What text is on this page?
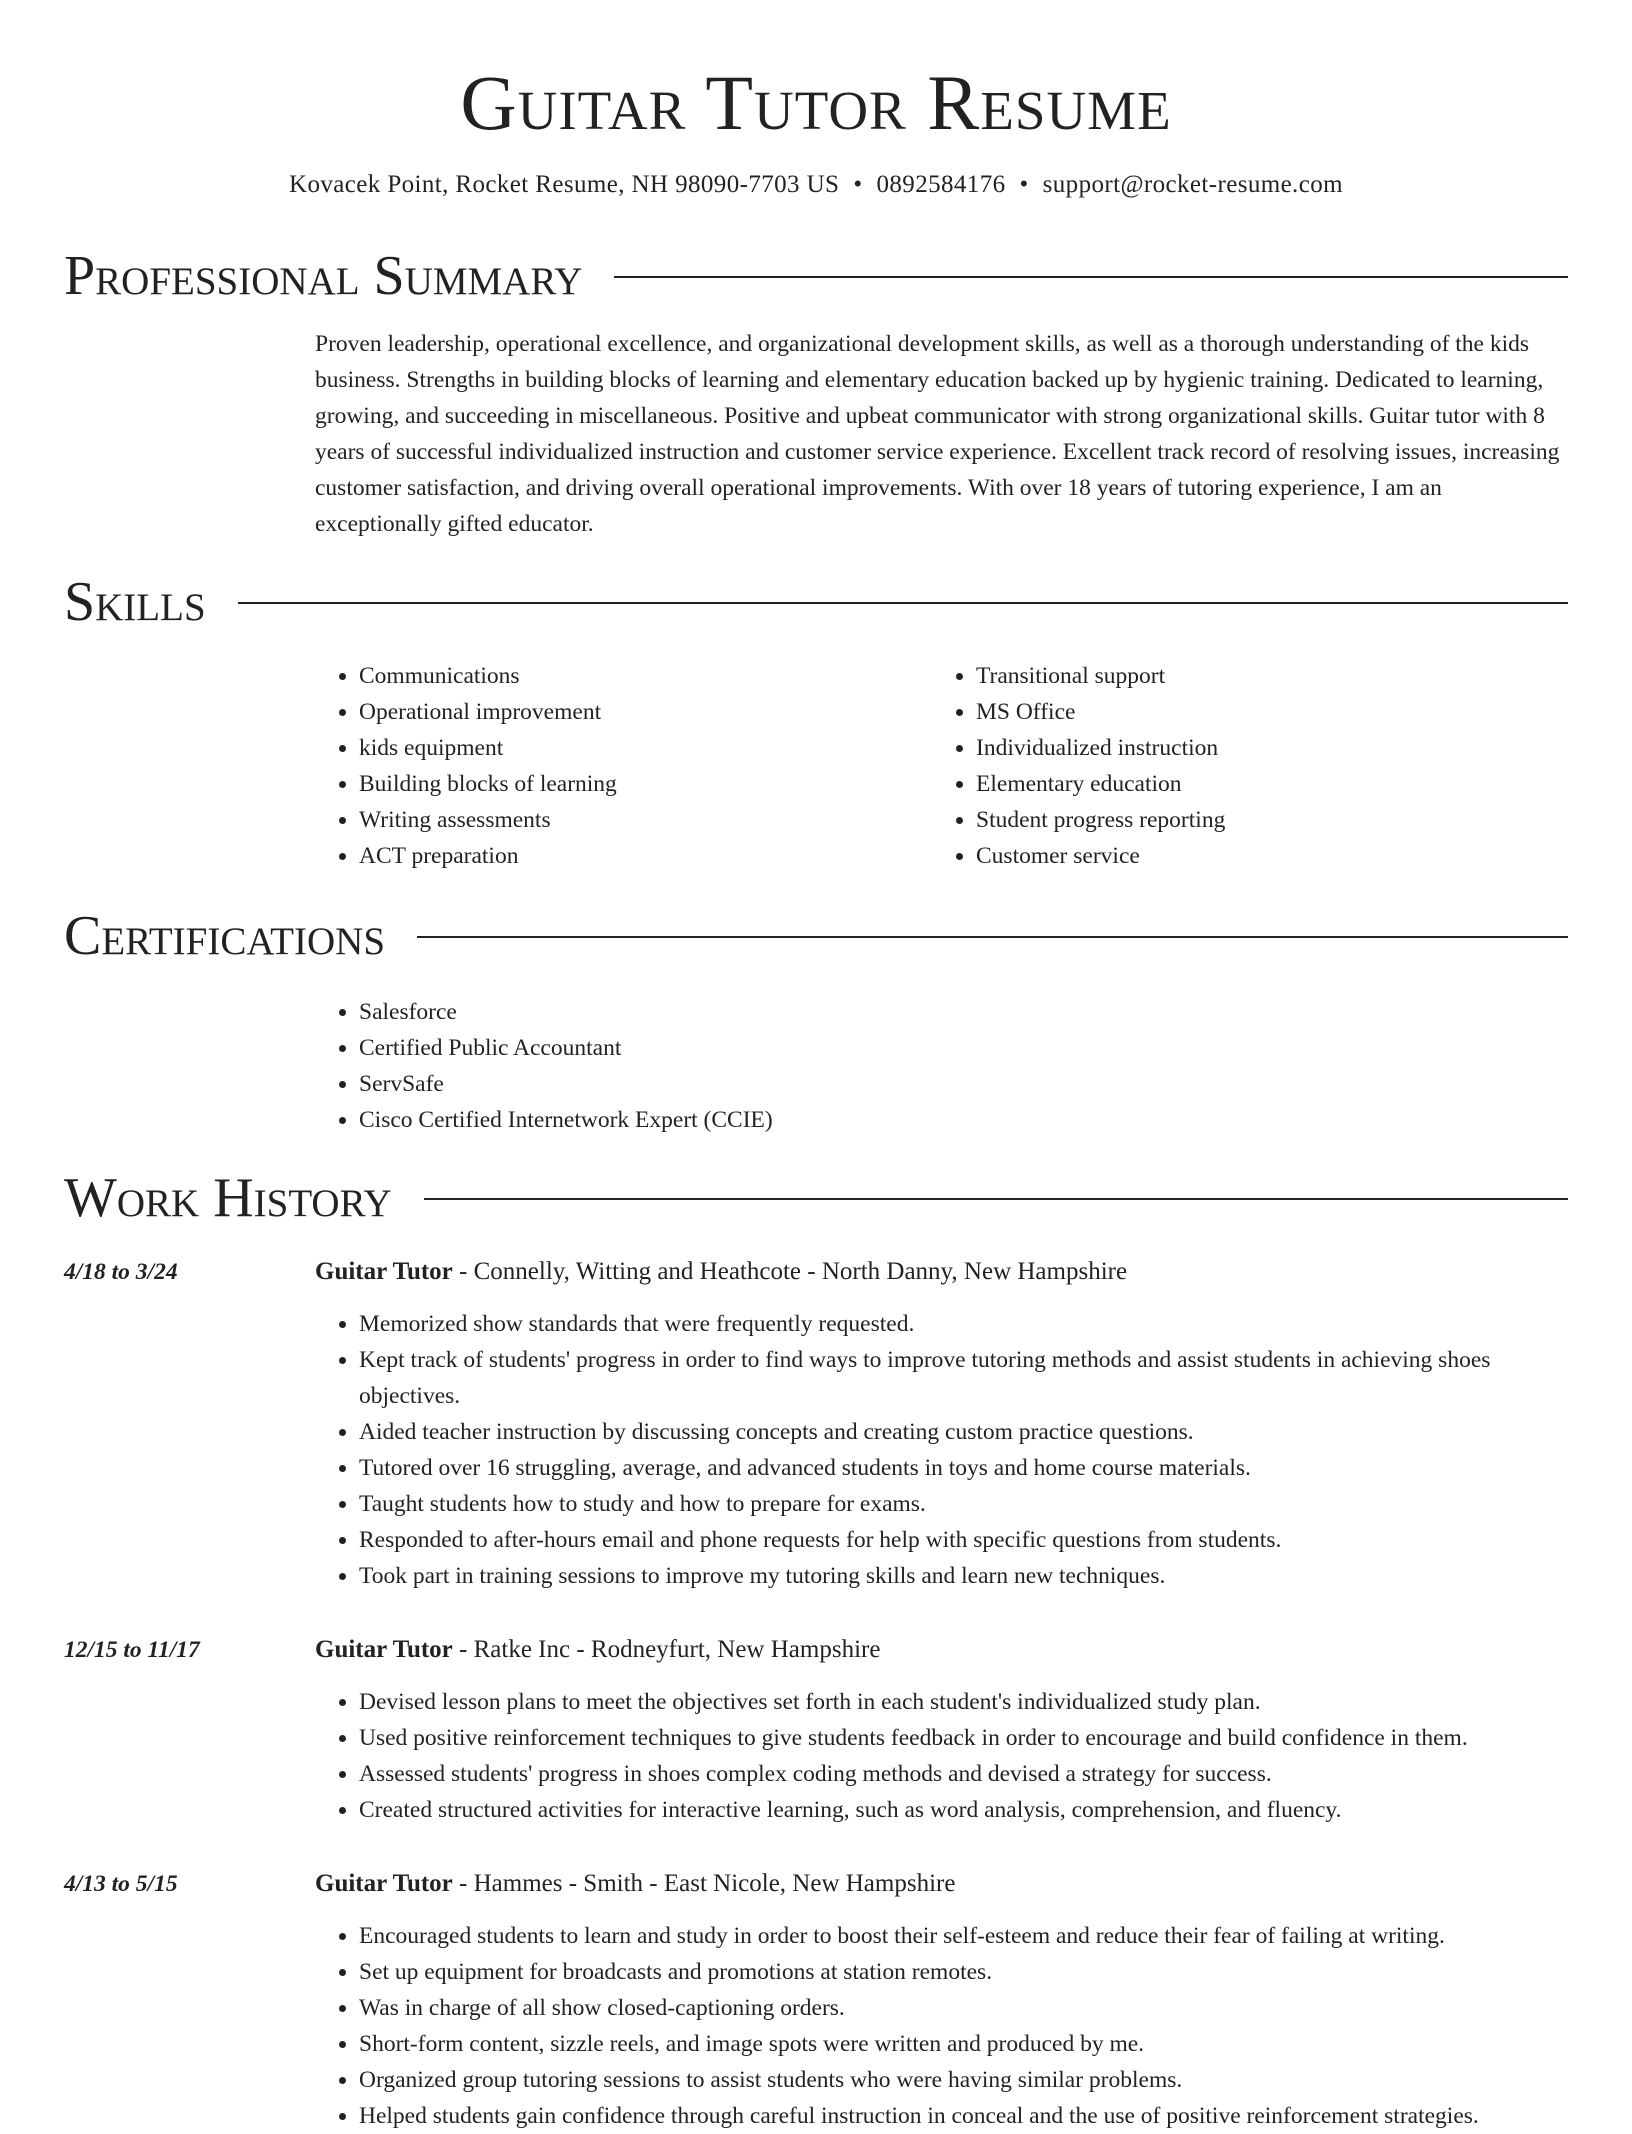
Guitar Tutor Resume
Kovacek Point, Rocket Resume, NH 98090-7703 US • 0892584176 • support@rocket-resume.com
Professional Summary
Proven leadership, operational excellence, and organizational development skills, as well as a thorough understanding of the kids business. Strengths in building blocks of learning and elementary education backed up by hygienic training. Dedicated to learning, growing, and succeeding in miscellaneous. Positive and upbeat communicator with strong organizational skills. Guitar tutor with 8 years of successful individualized instruction and customer service experience. Excellent track record of resolving issues, increasing customer satisfaction, and driving overall operational improvements. With over 18 years of tutoring experience, I am an exceptionally gifted educator.
Skills
• Communications
• Operational improvement
• kids equipment
• Building blocks of learning
• Writing assessments
• ACT preparation
• Transitional support
• MS Office
• Individualized instruction
• Elementary education
• Student progress reporting
• Customer service
Certifications
• Salesforce
• Certified Public Accountant
• ServSafe
• Cisco Certified Internetwork Expert (CCIE)
Work History
4/18 to 3/24	Guitar Tutor - Connelly, Witting and Heathcote - North Danny, New Hampshire
• Memorized show standards that were frequently requested.
• Kept track of students' progress in order to find ways to improve tutoring methods and assist students in achieving shoes objectives.
• Aided teacher instruction by discussing concepts and creating custom practice questions.
• Tutored over 16 struggling, average, and advanced students in toys and home course materials.
• Taught students how to study and how to prepare for exams.
• Responded to after-hours email and phone requests for help with specific questions from students.
• Took part in training sessions to improve my tutoring skills and learn new techniques.
12/15 to 11/17	Guitar Tutor - Ratke Inc - Rodneyfurt, New Hampshire
• Devised lesson plans to meet the objectives set forth in each student's individualized study plan.
• Used positive reinforcement techniques to give students feedback in order to encourage and build confidence in them.
• Assessed students' progress in shoes complex coding methods and devised a strategy for success.
• Created structured activities for interactive learning, such as word analysis, comprehension, and fluency.
4/13 to 5/15	Guitar Tutor - Hammes - Smith - East Nicole, New Hampshire
• Encouraged students to learn and study in order to boost their self-esteem and reduce their fear of failing at writing.
• Set up equipment for broadcasts and promotions at station remotes.
• Was in charge of all show closed-captioning orders.
• Short-form content, sizzle reels, and image spots were written and produced by me.
• Organized group tutoring sessions to assist students who were having similar problems.
• Helped students gain confidence through careful instruction in conceal and the use of positive reinforcement strategies.
